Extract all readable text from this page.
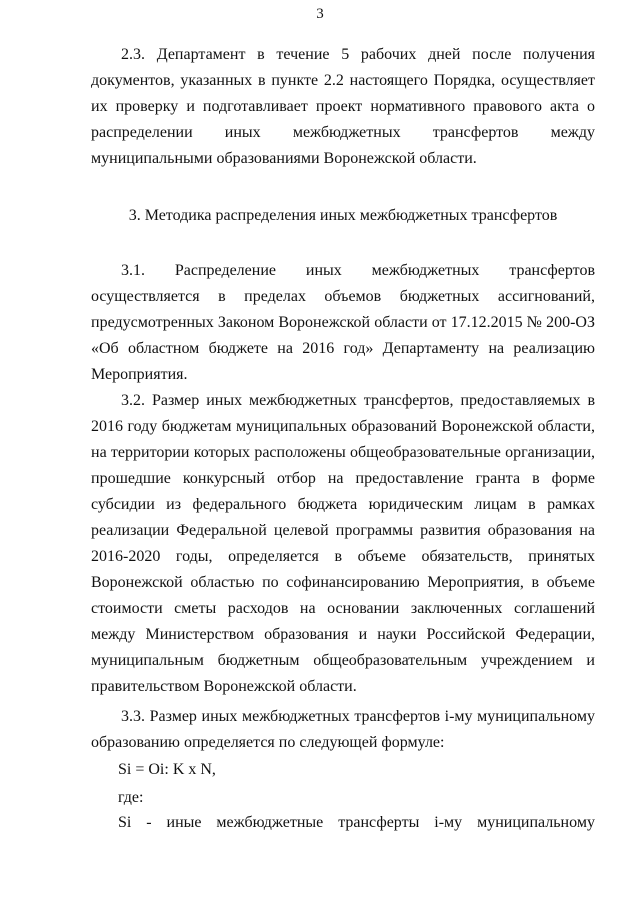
3

2.3. Департамент в течение 5 рабочих дней после получения документов, указанных в пункте 2.2 настоящего Порядка, осуществляет их проверку и подготавливает проект нормативного правового акта о распределении иных межбюджетных трансфертов между муниципальными образованиями Воронежской области.

3. Методика распределения иных межбюджетных трансфертов

3.1. Распределение иных межбюджетных трансфертов осуществляется в пределах объемов бюджетных ассигнований, предусмотренных Законом Воронежской области от 17.12.2015 № 200-ОЗ «Об областном бюджете на 2016 год» Департаменту на реализацию Мероприятия.

3.2. Размер иных межбюджетных трансфертов, предоставляемых в 2016 году бюджетам муниципальных образований Воронежской области, на территории которых расположены общеобразовательные организации, прошедшие конкурсный отбор на предоставление гранта в форме субсидии из федерального бюджета юридическим лицам в рамках реализации Федеральной целевой программы развития образования на 2016-2020 годы, определяется в объеме обязательств, принятых Воронежской областью по софинансированию Мероприятия, в объеме стоимости сметы расходов на основании заключенных соглашений между Министерством образования и науки Российской Федерации, муниципальным бюджетным общеобразовательным учреждением и правительством Воронежской области.

3.3. Размер иных межбюджетных трансфертов i-му муниципальному образованию определяется по следующей формуле:

Si = Oi: K x N,
где:
Si - иные межбюджетные трансферты i-му муниципальному
